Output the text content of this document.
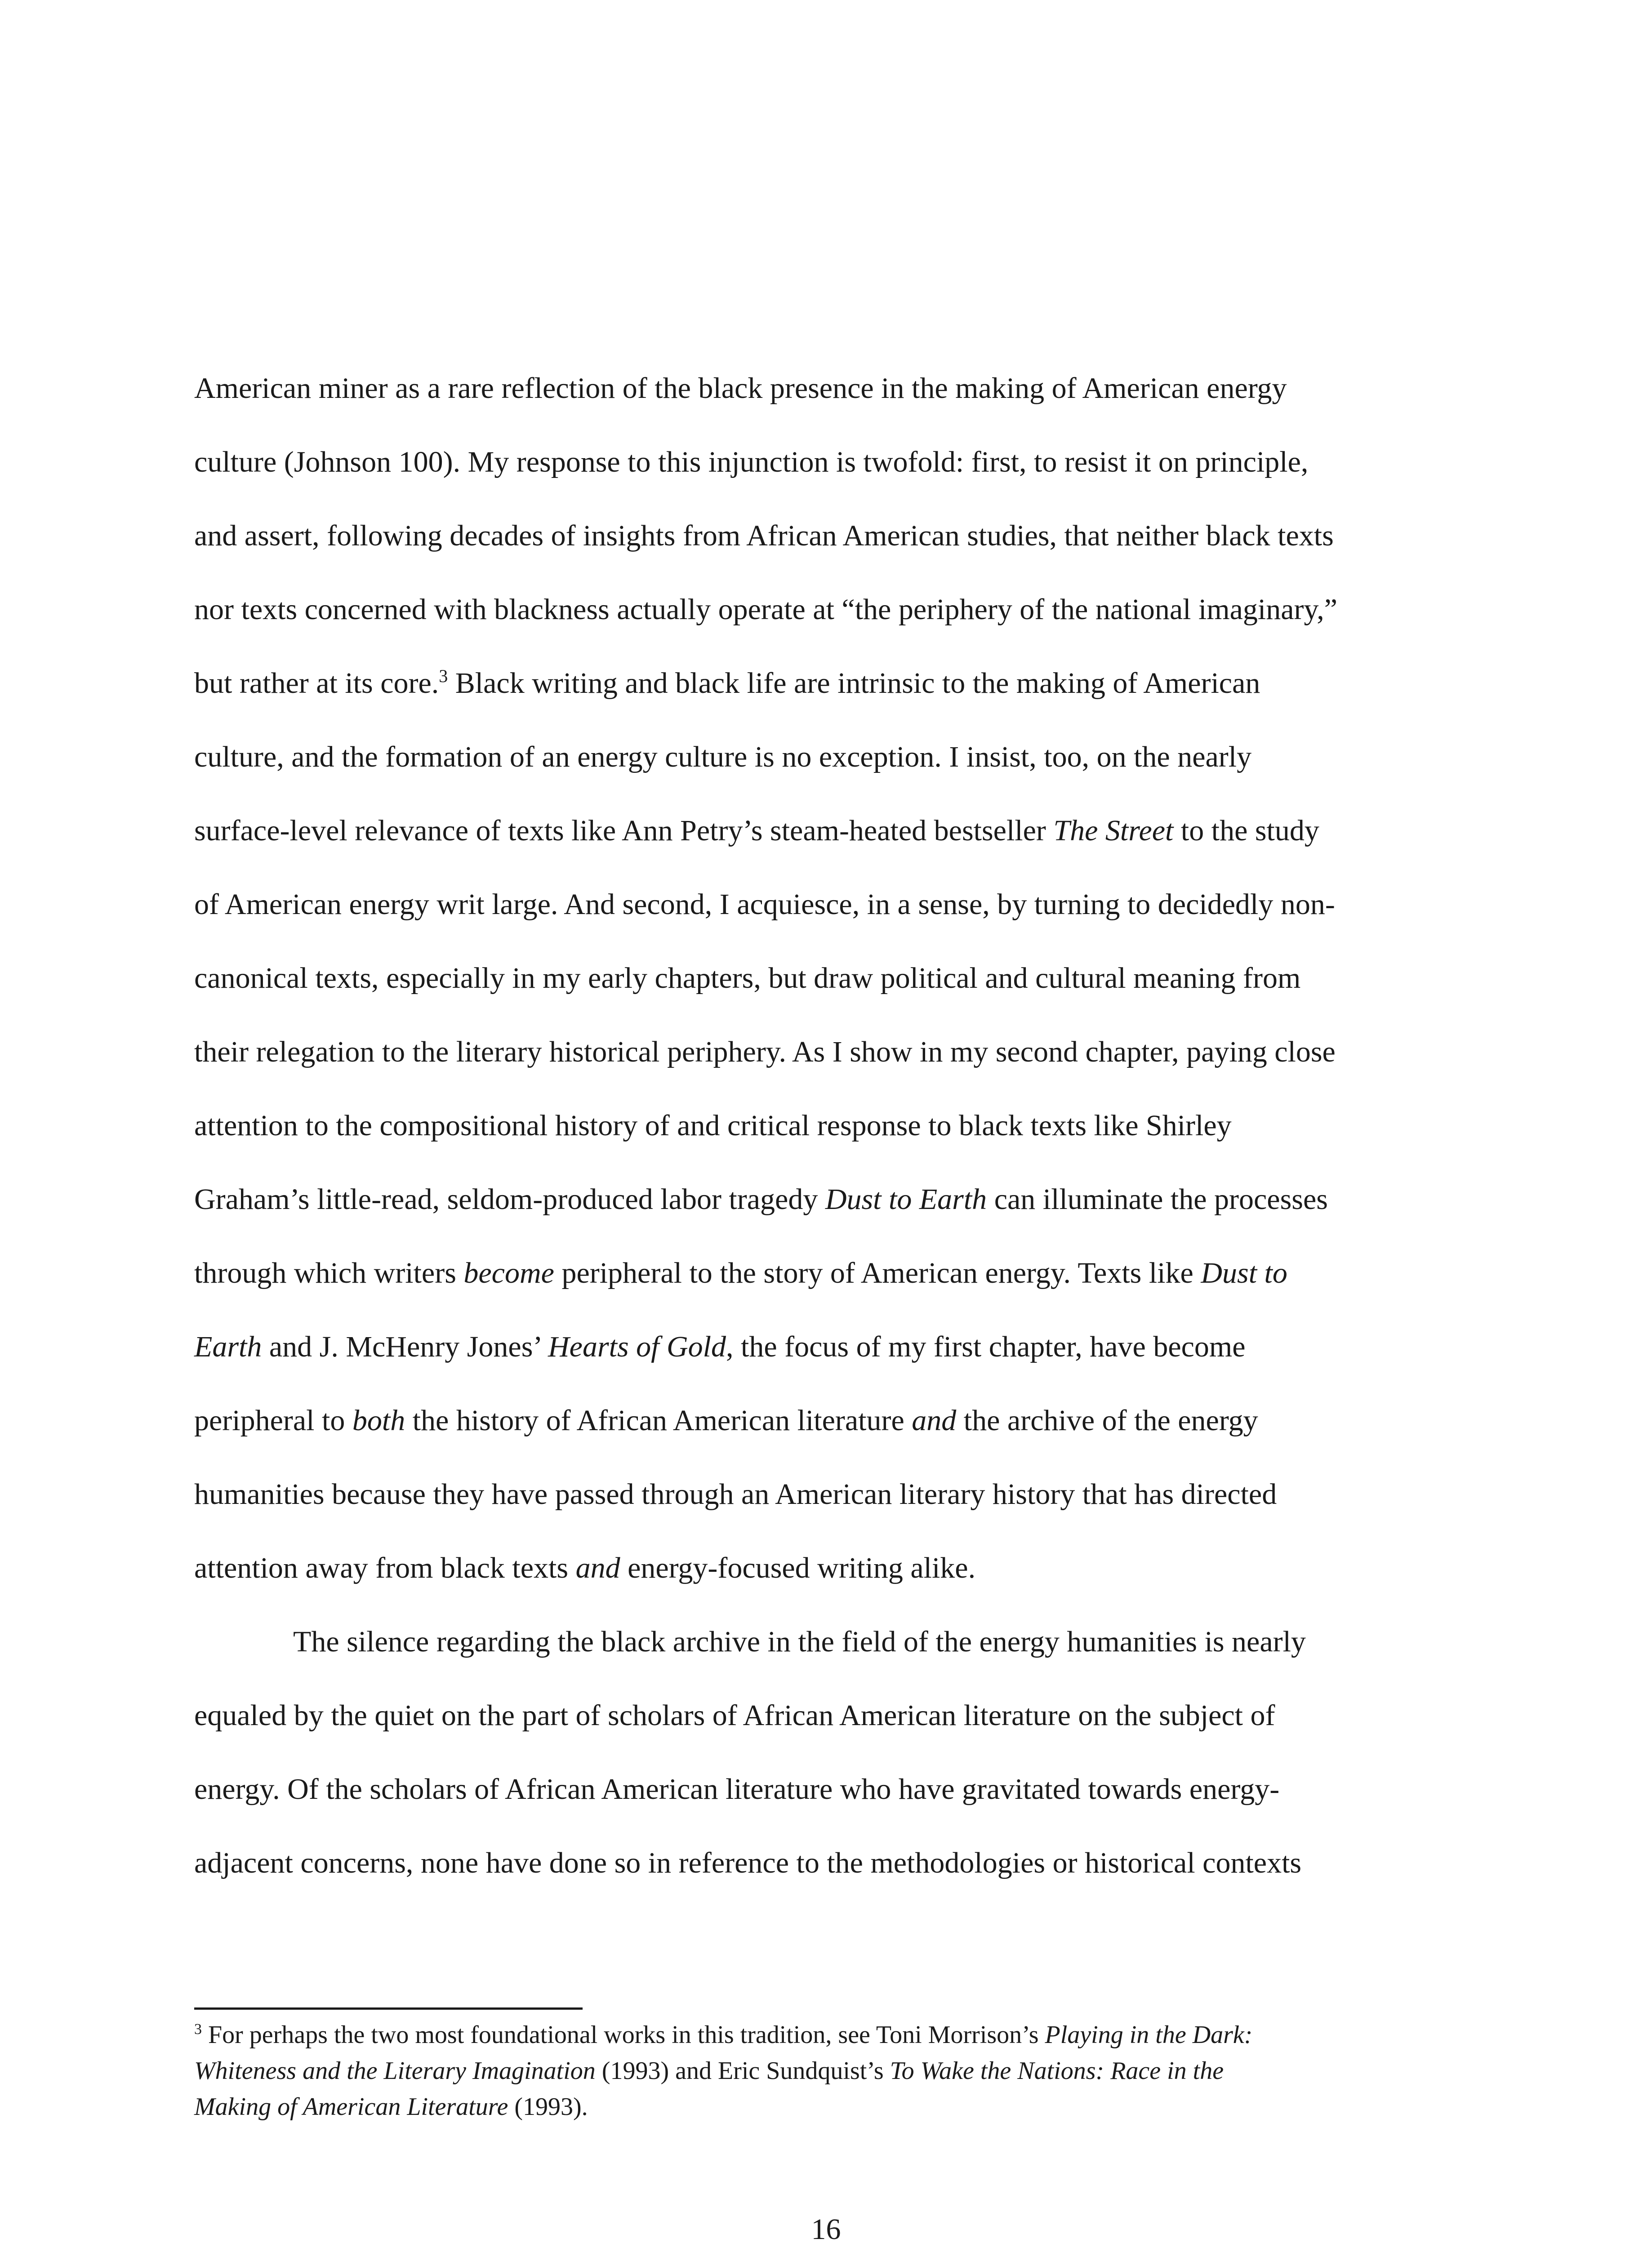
American miner as a rare reflection of the black presence in the making of American energy
culture (Johnson 100). My response to this injunction is twofold: first, to resist it on principle,
and assert, following decades of insights from African American studies, that neither black texts
nor texts concerned with blackness actually operate at “the periphery of the national imaginary,”
but rather at its core.$^3$ Black writing and black life are intrinsic to the making of American
culture, and the formation of an energy culture is no exception. I insist, too, on the nearly
surface-level relevance of texts like Ann Petry’s steam-heated bestseller The Street to the study
of American energy writ large. And second, I acquiesce, in a sense, by turning to decidedly non-
canonical texts, especially in my early chapters, but draw political and cultural meaning from
their relegation to the literary historical periphery. As I show in my second chapter, paying close
attention to the compositional history of and critical response to black texts like Shirley
Graham’s little-read, seldom-produced labor tragedy Dust to Earth can illuminate the processes
through which writers become peripheral to the story of American energy. Texts like Dust to
Earth and J. McHenry Jones’ Hearts of Gold, the focus of my first chapter, have become
peripheral to both the history of African American literature and the archive of the energy
humanities because they have passed through an American literary history that has directed
attention away from black texts and energy-focused writing alike.
The silence regarding the black archive in the field of the energy humanities is nearly
equaled by the quiet on the part of scholars of African American literature on the subject of
energy. Of the scholars of African American literature who have gravitated towards energy-
adjacent concerns, none have done so in reference to the methodologies or historical contexts
$^3$ For perhaps the two most foundational works in this tradition, see Toni Morrison’s Playing in the Dark:
Whiteness and the Literary Imagination (1993) and Eric Sundquist’s To Wake the Nations: Race in the
Making of American Literature (1993).
16
